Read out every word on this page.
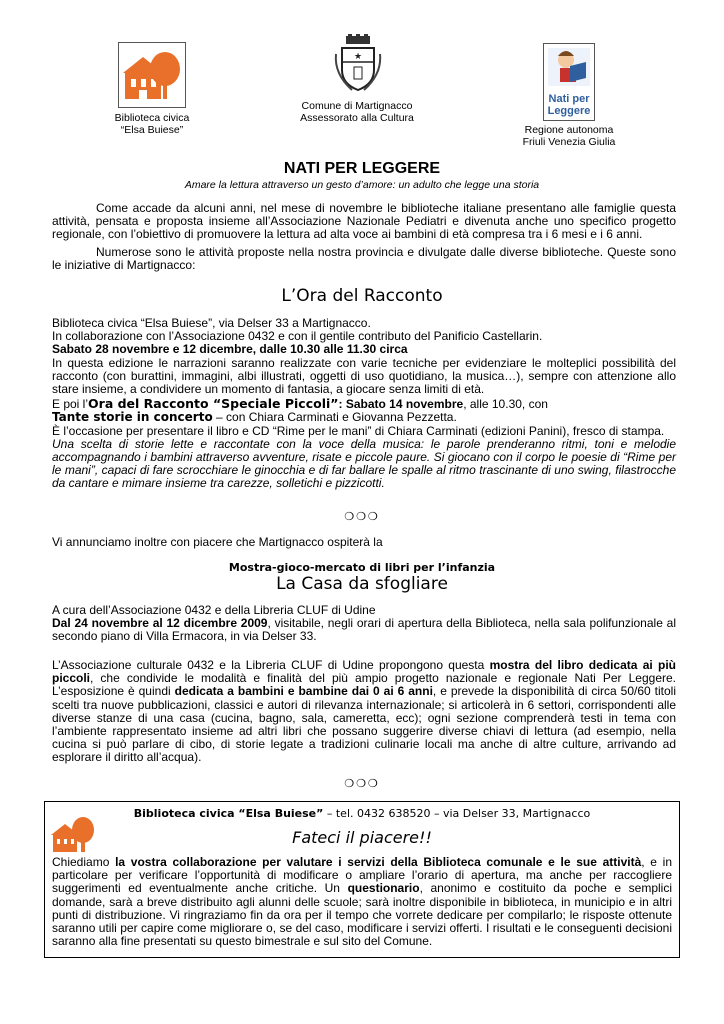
Biblioteca civica
“Elsa Buiese”
★
Comune di Martignacco
Assessorato alla Cultura
Nati per
Leggere
Regione autonoma
Friuli Venezia Giulia
NATI PER LEGGERE
Amare la lettura attraverso un gesto d’amore: un adulto che legge una storia
Come accade da alcuni anni, nel mese di novembre le biblioteche italiane presentano alle famiglie questa attività, pensata e proposta insieme all’Associazione Nazionale Pediatri e divenuta anche uno specifico progetto regionale, con l’obiettivo di promuovere la lettura ad alta voce ai bambini di età compresa tra i 6 mesi e i 6 anni.
Numerose sono le attività proposte nella nostra provincia e divulgate dalle diverse biblioteche. Queste sono le iniziative di Martignacco:
L’Ora del Racconto
Biblioteca civica “Elsa Buiese”, via Delser 33 a Martignacco.
In collaborazione con l’Associazione 0432 e con il gentile contributo del Panificio Castellarin.
Sabato 28 novembre e 12 dicembre, dalle 10.30 alle 11.30 circa
In questa edizione le narrazioni saranno realizzate con varie tecniche per evidenziare le molteplici possibilità del racconto (con burattini, immagini, albi illustrati, oggetti di uso quotidiano, la musica…), sempre con attenzione allo stare insieme, a condividere un momento di fantasia, a giocare senza limiti di età.
E poi l’Ora del Racconto “Speciale Piccoli”: Sabato 14 novembre, alle 10.30, con
Tante storie in concerto – con Chiara Carminati e Giovanna Pezzetta.
È l’occasione per presentare il libro e CD “Rime per le mani” di Chiara Carminati (edizioni Panini), fresco di stampa.
Una scelta di storie lette e raccontate con la voce della musica: le parole prenderanno ritmi, toni e melodie accompagnando i bambini attraverso avventure, risate e piccole paure. Si giocano con il corpo le poesie di “Rime per le mani”, capaci di fare scrocchiare le ginocchia e di far ballare le spalle al ritmo trascinante di uno swing, filastrocche da cantare e mimare insieme tra carezze, solletichi e pizzicotti.
❍❍❍
Vi annunciamo inoltre con piacere che Martignacco ospiterà la
Mostra-gioco-mercato di libri per l’infanzia
La Casa da sfogliare
A cura dell’Associazione 0432 e della Libreria CLUF di Udine
Dal 24 novembre al 12 dicembre 2009, visitabile, negli orari di apertura della Biblioteca, nella sala polifunzionale al secondo piano di Villa Ermacora, in via Delser 33.
L’Associazione culturale 0432 e la Libreria CLUF di Udine propongono questa mostra del libro dedicata ai più piccoli, che condivide le modalità e finalità del più ampio progetto nazionale e regionale Nati Per Leggere. L’esposizione è quindi dedicata a bambini e bambine dai 0 ai 6 anni, e prevede la disponibilità di circa 50/60 titoli scelti tra nuove pubblicazioni, classici e autori di rilevanza internazionale; si articolerà in 6 settori, corrispondenti alle diverse stanze di una casa (cucina, bagno, sala, cameretta, ecc); ogni sezione comprenderà testi in tema con l’ambiente rappresentato insieme ad altri libri che possano suggerire diverse chiavi di lettura (ad esempio, nella cucina si può parlare di cibo, di storie legate a tradizioni culinarie locali ma anche di altre culture, arrivando ad esplorare il diritto all’acqua).
❍❍❍
Biblioteca civica “Elsa Buiese” – tel. 0432 638520 – via Delser 33, Martignacco
Fateci il piacere!!
Chiediamo la vostra collaborazione per valutare i servizi della Biblioteca comunale e le sue attività, e in particolare per verificare l’opportunità di modificare o ampliare l’orario di apertura, ma anche per raccogliere suggerimenti ed eventualmente anche critiche. Un questionario, anonimo e costituito da poche e semplici domande, sarà a breve distribuito agli alunni delle scuole; sarà inoltre disponibile in biblioteca, in municipio e in altri punti di distribuzione. Vi ringraziamo fin da ora per il tempo che vorrete dedicare per compilarlo; le risposte ottenute saranno utili per capire come migliorare o, se del caso, modificare i servizi offerti. I risultati e le conseguenti decisioni saranno alla fine presentati su questo bimestrale e sul sito del Comune.
